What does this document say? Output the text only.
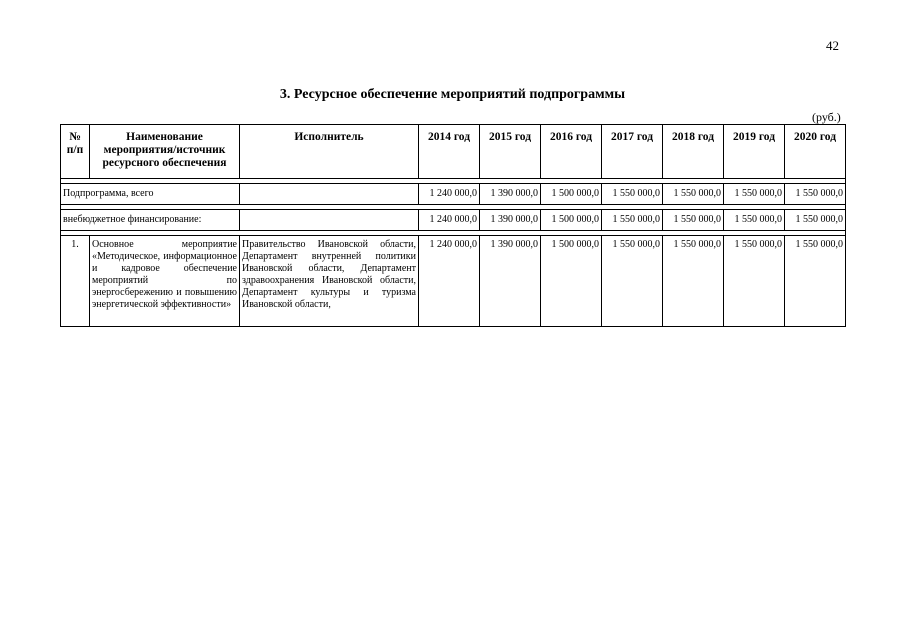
42
3. Ресурсное обеспечение мероприятий подпрограммы
(руб.)
№ п/п	Наименование мероприятия/источник ресурсного обеспечения	Исполнитель	2014 год	2015 год	2016 год	2017 год	2018 год	2019 год	2020 год

Подпрограмма, всего			1 240 000,0	1 390 000,0	1 500 000,0	1 550 000,0	1 550 000,0	1 550 000,0	1 550 000,0

внебюджетное финансирование:			1 240 000,0	1 390 000,0	1 500 000,0	1 550 000,0	1 550 000,0	1 550 000,0	1 550 000,0

1.	Основное мероприятие «Методическое, информационное и кадровое обеспечение мероприятий по энергосбережению и повышению энергетической эффективности»	Правительство Ивановской области, Департамент внутренней политики Ивановской области, Департамент здравоохранения Ивановской области, Департамент культуры и туризма Ивановской области,	1 240 000,0	1 390 000,0	1 500 000,0	1 550 000,0	1 550 000,0	1 550 000,0	1 550 000,0
